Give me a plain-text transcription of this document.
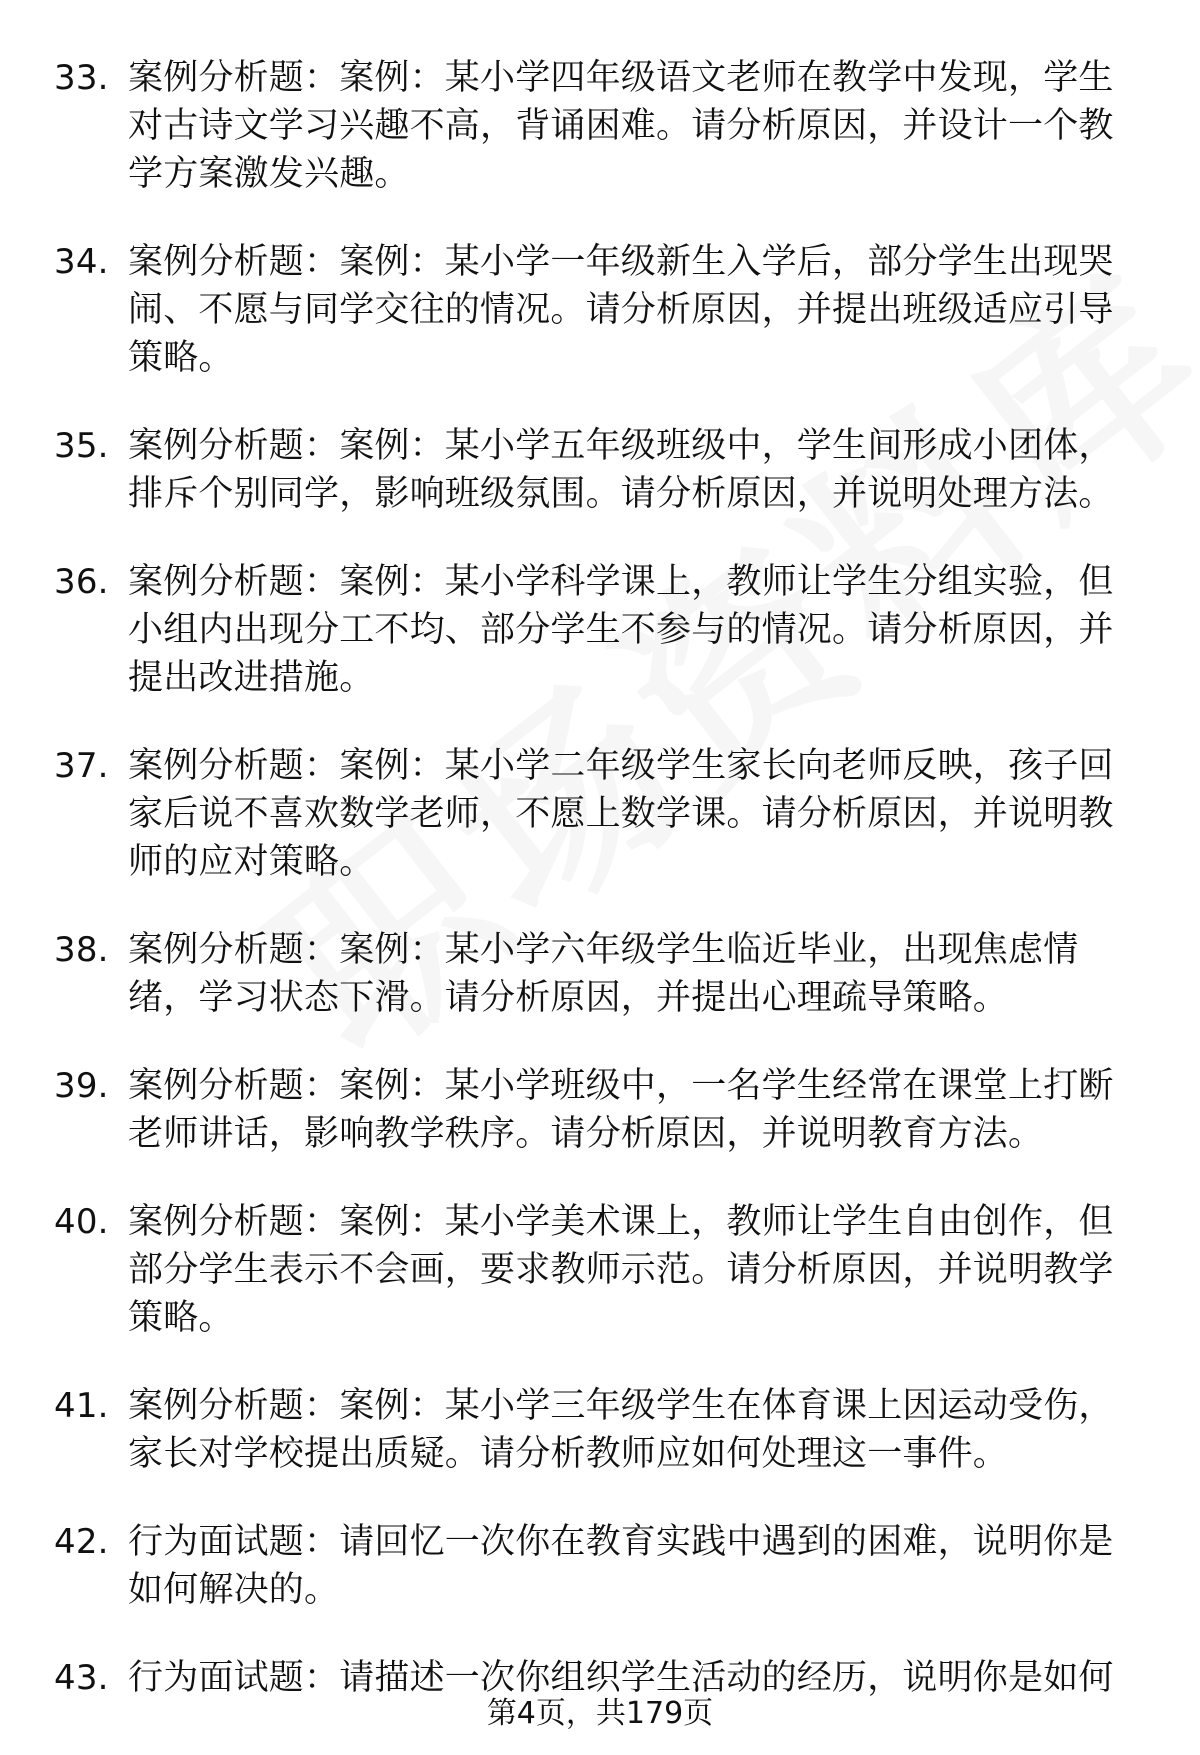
33. 案例分析题：案例：某小学四年级语文老师在教学中发现，学生对古诗文学习兴趣不高，背诵困难。请分析原因，并设计一个教学方案激发兴趣。
34. 案例分析题：案例：某小学一年级新生入学后，部分学生出现哭闹、不愿与同学交往的情况。请分析原因，并提出班级适应引导策略。
35. 案例分析题：案例：某小学五年级班级中，学生间形成小团体，排斥个别同学，影响班级氛围。请分析原因，并说明处理方法。
36. 案例分析题：案例：某小学科学课上，教师让学生分组实验，但小组内出现分工不均、部分学生不参与的情况。请分析原因，并提出改进措施。
37. 案例分析题：案例：某小学二年级学生家长向老师反映，孩子回家后说不喜欢数学老师，不愿上数学课。请分析原因，并说明教师的应对策略。
38. 案例分析题：案例：某小学六年级学生临近毕业，出现焦虑情绪，学习状态下滑。请分析原因，并提出心理疏导策略。
39. 案例分析题：案例：某小学班级中，一名学生经常在课堂上打断老师讲话，影响教学秩序。请分析原因，并说明教育方法。
40. 案例分析题：案例：某小学美术课上，教师让学生自由创作，但部分学生表示不会画，要求教师示范。请分析原因，并说明教学策略。
41. 案例分析题：案例：某小学三年级学生在体育课上因运动受伤，家长对学校提出质疑。请分析教师应如何处理这一事件。
42. 行为面试题：请回忆一次你在教育实践中遇到的困难，说明你是如何解决的。
43. 行为面试题：请描述一次你组织学生活动的经历，说明你是如何
第4页，共179页
